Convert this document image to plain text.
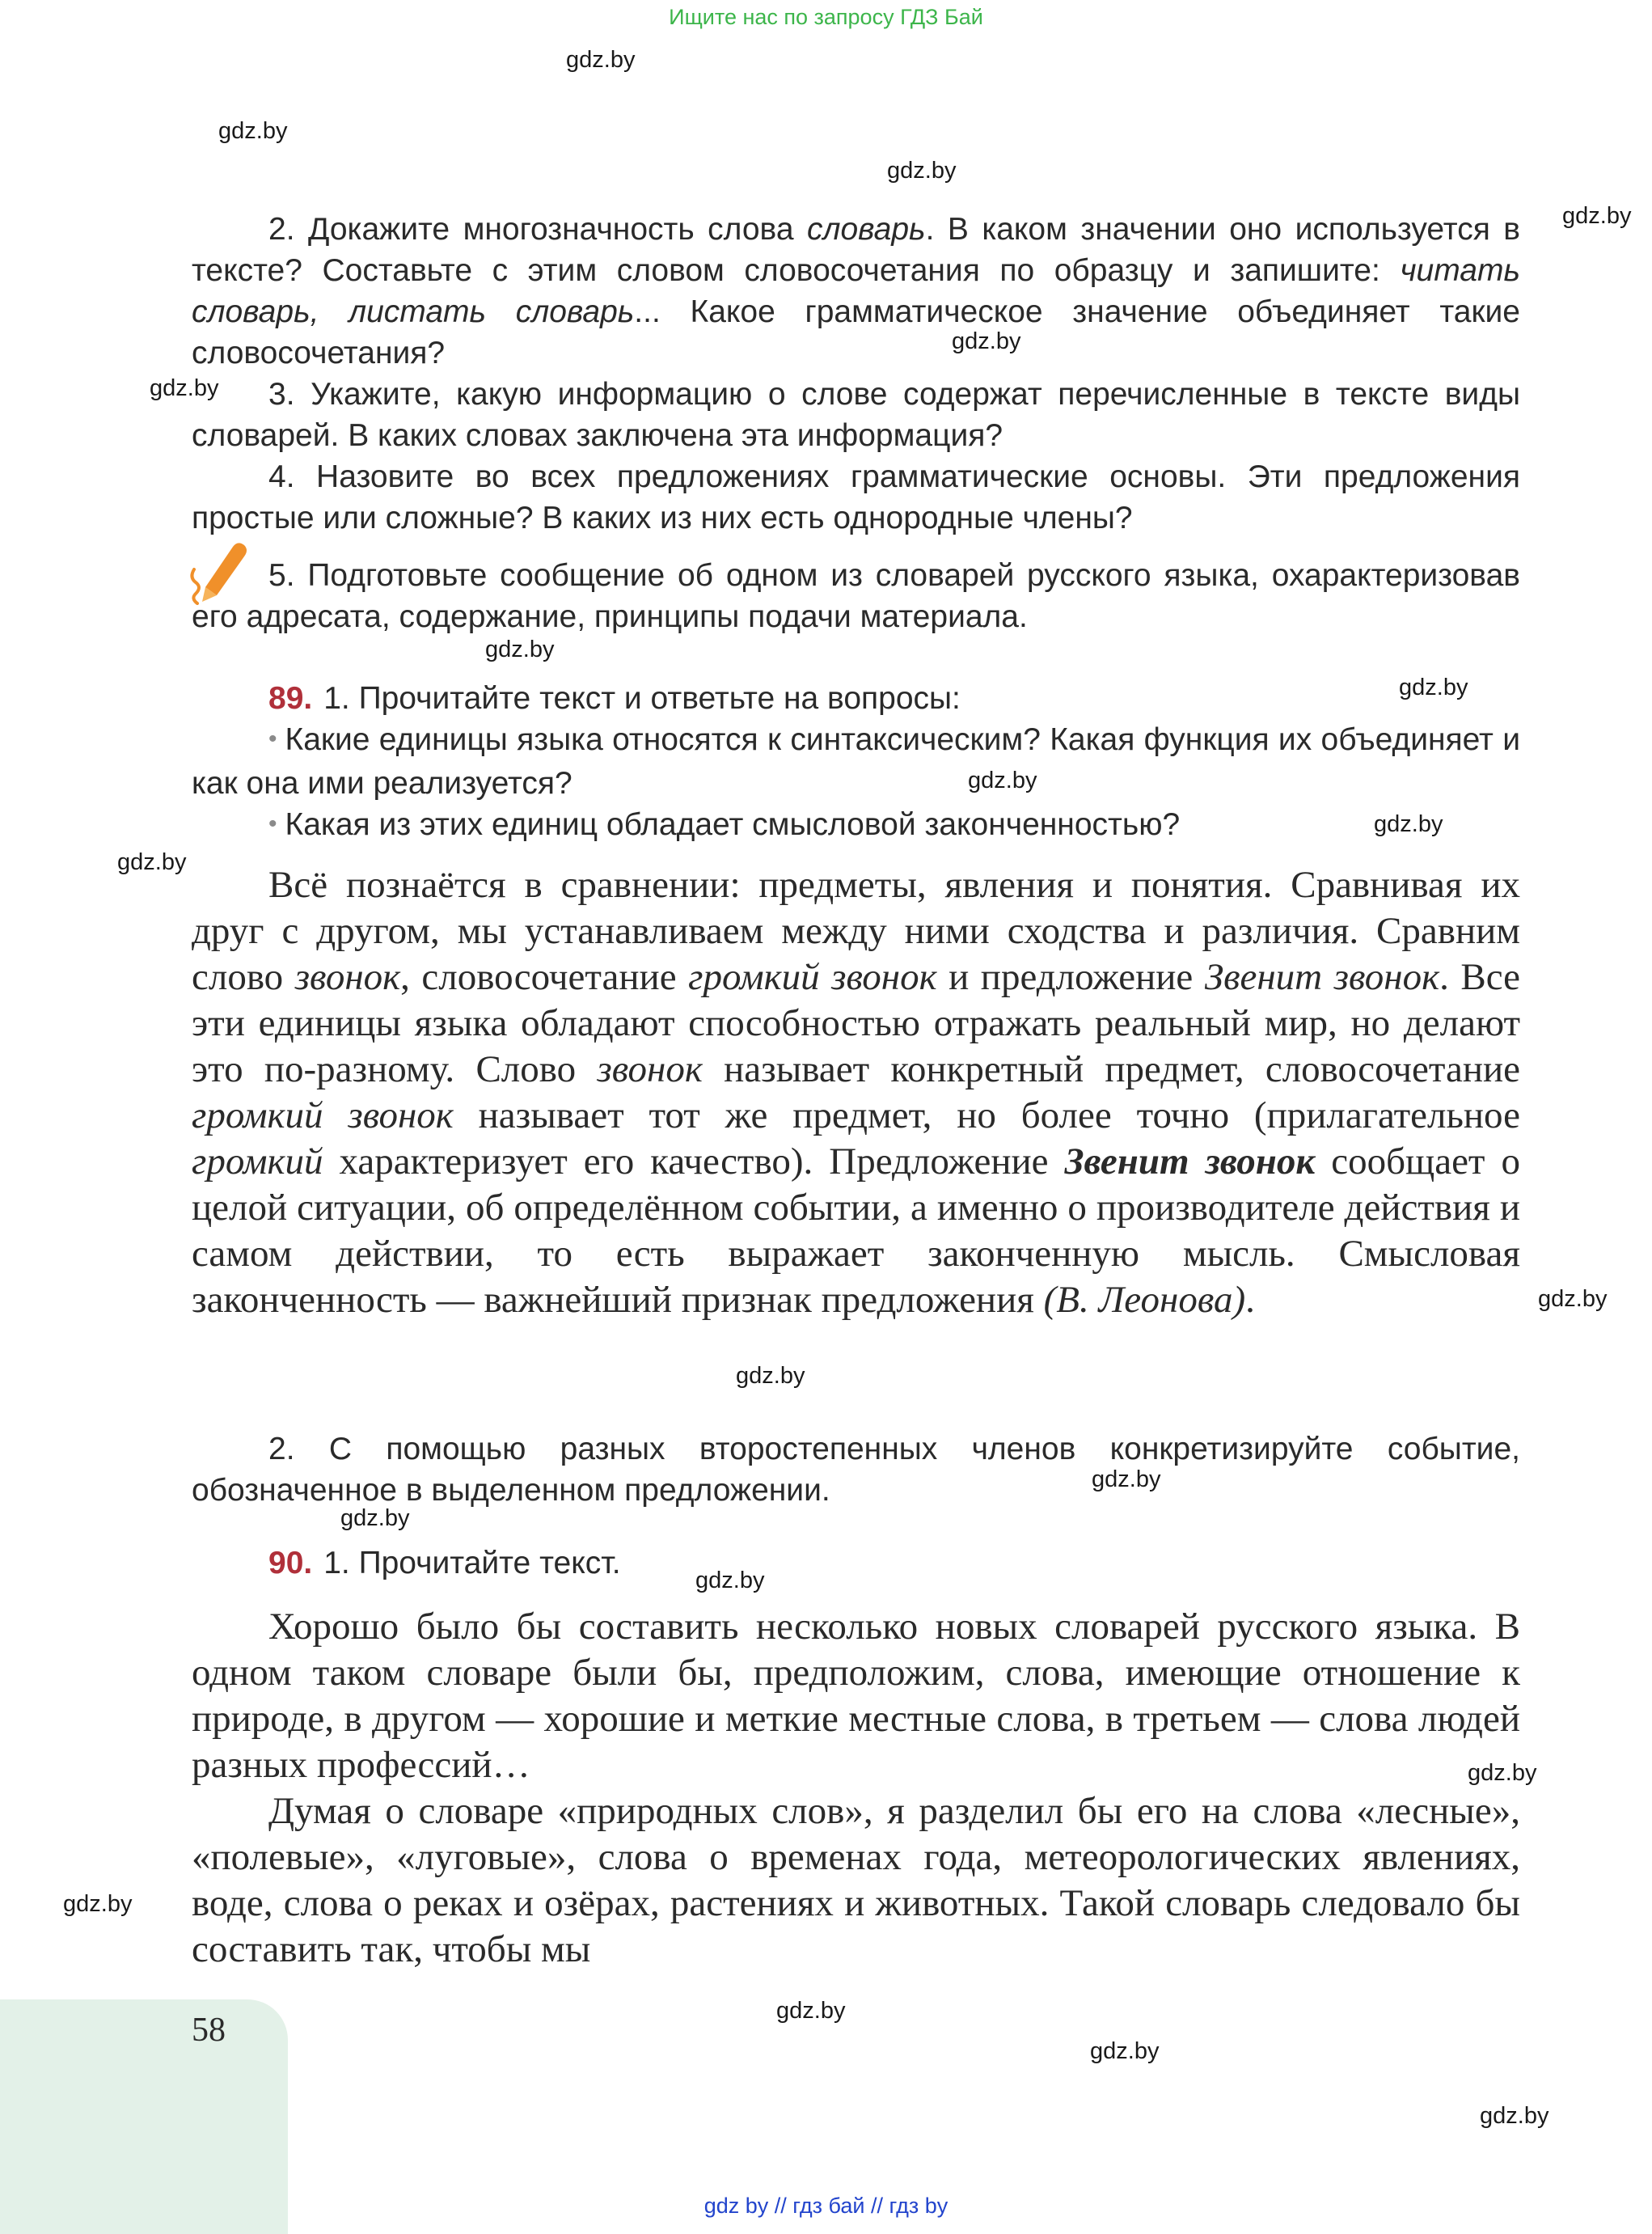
Ищите нас по запросу ГДЗ Бай
gdz.by
gdz.by
gdz.by
gdz.by
gdz.by
gdz.by
gdz.by
gdz.by
gdz.by
gdz.by
gdz.by
gdz.by
gdz.by
gdz.by
gdz.by
gdz.by
gdz.by
gdz.by
gdz.by
gdz.by
gdz.by

2. Докажите многозначность слова словарь. В каком значении оно используется в тексте? Составьте с этим словом словосочетания по образцу и запишите: читать словарь, листать словарь... Какое грамматическое значение объединяет такие словосочетания?

3. Укажите, какую информацию о слове содержат перечисленные в тексте виды словарей. В каких словах заключена эта информация?

4. Назовите во всех предложениях грамматические основы. Эти предложения простые или сложные? В каких из них есть однородные члены?

5. Подготовьте сообщение об одном из словарей русского языка, охарактеризовав его адресата, содержание, принципы подачи материала.

89. 1. Прочитайте текст и ответьте на вопросы:

• Какие единицы языка относятся к синтаксическим? Какая функция их объединяет и как она ими реализуется?

• Какая из этих единиц обладает смысловой законченностью?

Всё познаётся в сравнении: предметы, явления и понятия. Сравнивая их друг с другом, мы устанавливаем между ними сходства и различия. Сравним слово звонок, словосочетание громкий звонок и предложение Звенит звонок. Все эти единицы языка обладают способностью отражать реальный мир, но делают это по-разному. Слово звонок называет конкретный предмет, словосочетание громкий звонок называет тот же предмет, но более точно (прилагательное громкий характеризует его качество). Предложение Звенит звонок сообщает о целой ситуации, об определённом событии, а именно о производителе действия и самом действии, то есть выражает законченную мысль. Смысловая законченность — важнейший признак предложения (В. Леонова).

2. С помощью разных второстепенных членов конкретизируйте событие, обозначенное в выделенном предложении.

90. 1. Прочитайте текст.

Хорошо было бы составить несколько новых словарей русского языка. В одном таком словаре были бы, предположим, слова, имеющие отношение к природе, в другом — хорошие и меткие местные слова, в третьем — слова людей разных профессий…

Думая о словаре «природных слов», я разделил бы его на слова «лесные», «полевые», «луговые», слова о временах года, метеорологических явлениях, воде, слова о реках и озёрах, растениях и животных. Такой словарь следовало бы составить так, чтобы мы

58
gdz by // гдз бай // гдз by
